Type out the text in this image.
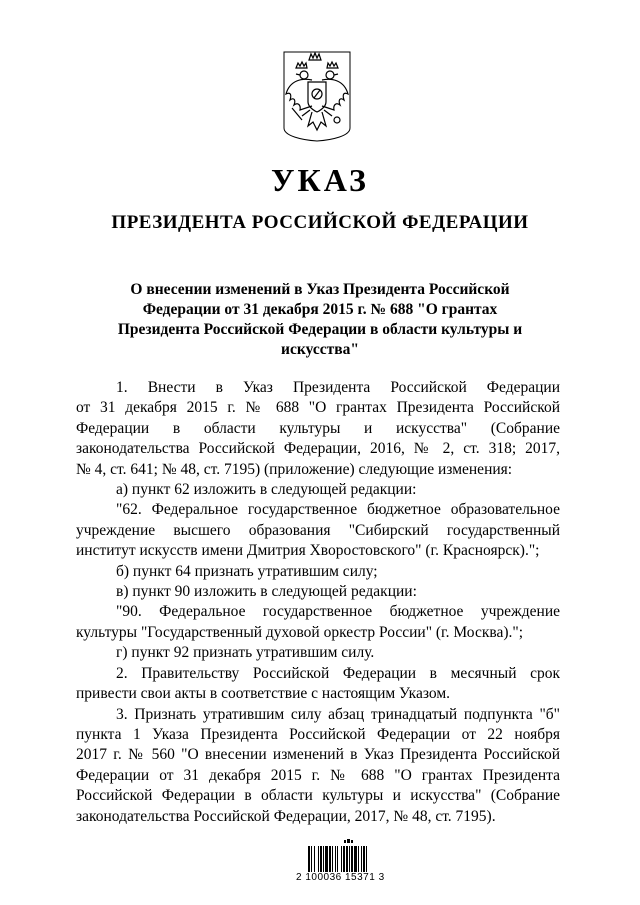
УКАЗ
ПРЕЗИДЕНТА РОССИЙСКОЙ ФЕДЕРАЦИИ
О внесении изменений в Указ Президента Российской
Федерации от 31 декабря 2015 г. № 688 "О грантах
Президента Российской Федерации в области культуры и
искусства"
1. Внести в Указ Президента Российской Федерации
от 31 декабря 2015 г. № 688 "О грантах Президента Российской
Федерации в области культуры и искусства" (Собрание
законодательства Российской Федерации, 2016, № 2, ст. 318; 2017,
№ 4, ст. 641; № 48, ст. 7195) (приложение) следующие изменения:
а) пункт 62 изложить в следующей редакции:
"62. Федеральное государственное бюджетное образовательное
учреждение высшего образования "Сибирский государственный
институт искусств имени Дмитрия Хворостовского" (г. Красноярск).";
б) пункт 64 признать утратившим силу;
в) пункт 90 изложить в следующей редакции:
"90. Федеральное государственное бюджетное учреждение
культуры "Государственный духовой оркестр России" (г. Москва).";
г) пункт 92 признать утратившим силу.
2. Правительству Российской Федерации в месячный срок
привести свои акты в соответствие с настоящим Указом.
3. Признать утратившим силу абзац тринадцатый подпункта "б"
пункта 1 Указа Президента Российской Федерации от 22 ноября
2017 г. № 560 "О внесении изменений в Указ Президента Российской
Федерации от 31 декабря 2015 г. № 688 "О грантах Президента
Российской Федерации в области культуры и искусства" (Собрание
законодательства Российской Федерации, 2017, № 48, ст. 7195).
2 100036 15371 3
